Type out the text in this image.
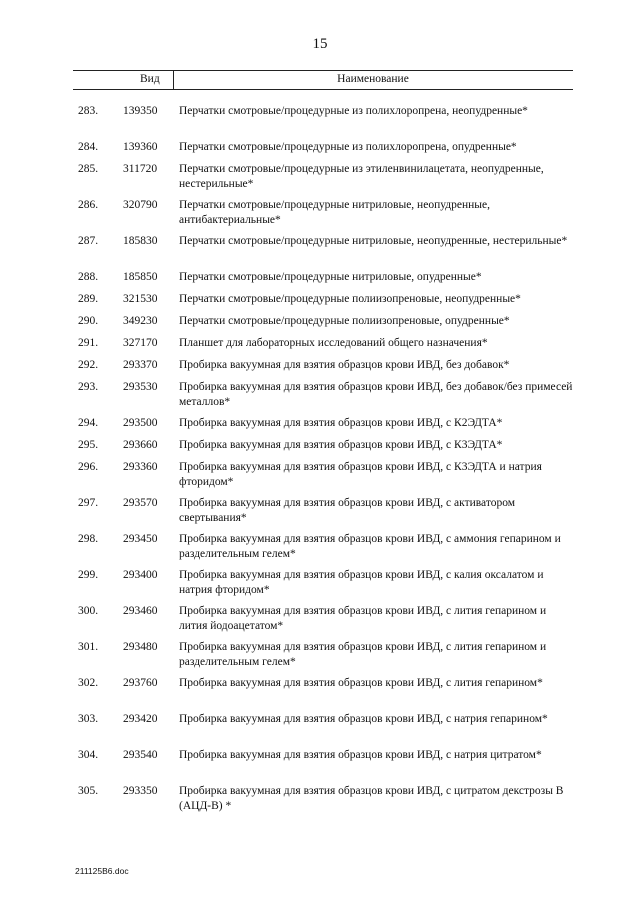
15
Вид	Наименование
283. 139350 Перчатки смотровые/процедурные из полихлоропрена, неопудренные*
284. 139360 Перчатки смотровые/процедурные из полихлоропрена, опудренные*
285. 311720 Перчатки смотровые/процедурные из этиленвинилацетата, неопудренные, нестерильные*
286. 320790 Перчатки смотровые/процедурные нитриловые, неопудренные, антибактериальные*
287. 185830 Перчатки смотровые/процедурные нитриловые, неопудренные, нестерильные*
288. 185850 Перчатки смотровые/процедурные нитриловые, опудренные*
289. 321530 Перчатки смотровые/процедурные полиизопреновые, неопудренные*
290. 349230 Перчатки смотровые/процедурные полиизопреновые, опудренные*
291. 327170 Планшет для лабораторных исследований общего назначения*
292. 293370 Пробирка вакуумная для взятия образцов крови ИВД, без добавок*
293. 293530 Пробирка вакуумная для взятия образцов крови ИВД, без добавок/без примесей металлов*
294. 293500 Пробирка вакуумная для взятия образцов крови ИВД, с К2ЭДТА*
295. 293660 Пробирка вакуумная для взятия образцов крови ИВД, с К3ЭДТА*
296. 293360 Пробирка вакуумная для взятия образцов крови ИВД, с К3ЭДТА и натрия фторидом*
297. 293570 Пробирка вакуумная для взятия образцов крови ИВД, с активатором свертывания*
298. 293450 Пробирка вакуумная для взятия образцов крови ИВД, с аммония гепарином и разделительным гелем*
299. 293400 Пробирка вакуумная для взятия образцов крови ИВД, с калия оксалатом и натрия фторидом*
300. 293460 Пробирка вакуумная для взятия образцов крови ИВД, с лития гепарином и лития йодоацетатом*
301. 293480 Пробирка вакуумная для взятия образцов крови ИВД, с лития гепарином и разделительным гелем*
302. 293760 Пробирка вакуумная для взятия образцов крови ИВД, с лития гепарином*
303. 293420 Пробирка вакуумная для взятия образцов крови ИВД, с натрия гепарином*
304. 293540 Пробирка вакуумная для взятия образцов крови ИВД, с натрия цитратом*
305. 293350 Пробирка вакуумная для взятия образцов крови ИВД, с цитратом декстрозы В (АЦД-В) *
211125В6.doc
